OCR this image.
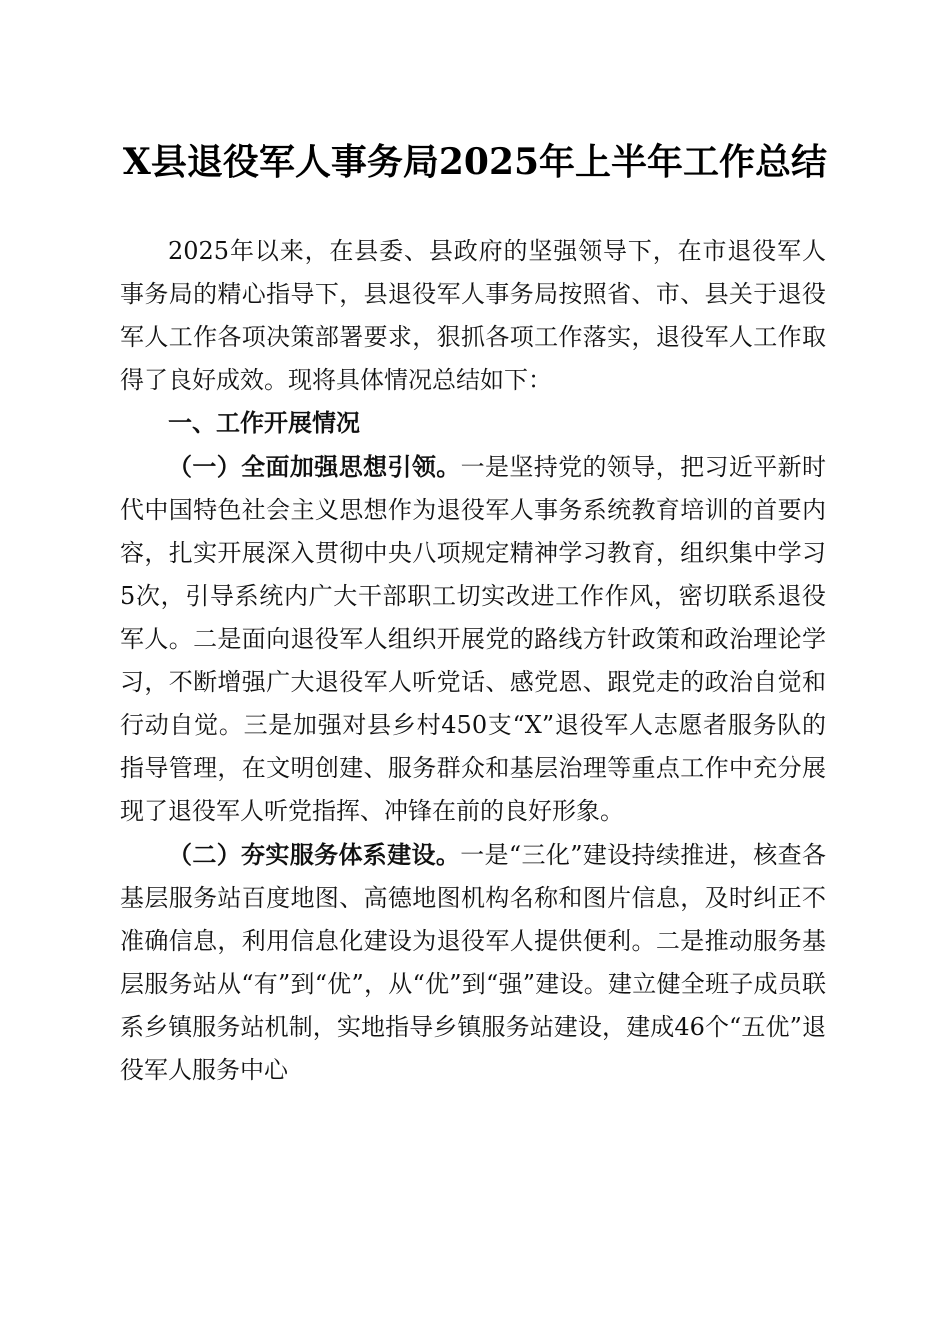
X县退役军人事务局2025年上半年工作总结

2025年以来，在县委、县政府的坚强领导下，在市退役军人事务局的精心指导下，县退役军人事务局按照省、市、县关于退役军人工作各项决策部署要求，狠抓各项工作落实，退役军人工作取得了良好成效。现将具体情况总结如下：

一、工作开展情况

（一）全面加强思想引领。一是坚持党的领导，把习近平新时代中国特色社会主义思想作为退役军人事务系统教育培训的首要内容，扎实开展深入贯彻中央八项规定精神学习教育，组织集中学习5次，引导系统内广大干部职工切实改进工作作风，密切联系退役军人。二是面向退役军人组织开展党的路线方针政策和政治理论学习，不断增强广大退役军人听党话、感党恩、跟党走的政治自觉和行动自觉。三是加强对县乡村450支“X”退役军人志愿者服务队的指导管理，在文明创建、服务群众和基层治理等重点工作中充分展现了退役军人听党指挥、冲锋在前的良好形象。

（二）夯实服务体系建设。一是“三化”建设持续推进，核查各基层服务站百度地图、高德地图机构名称和图片信息，及时纠正不准确信息，利用信息化建设为退役军人提供便利。二是推动服务基层服务站从“有”到“优”，从“优”到“强”建设。建立健全班子成员联系乡镇服务站机制，实地指导乡镇服务站建设，建成46个“五优”退役军人服务中心
